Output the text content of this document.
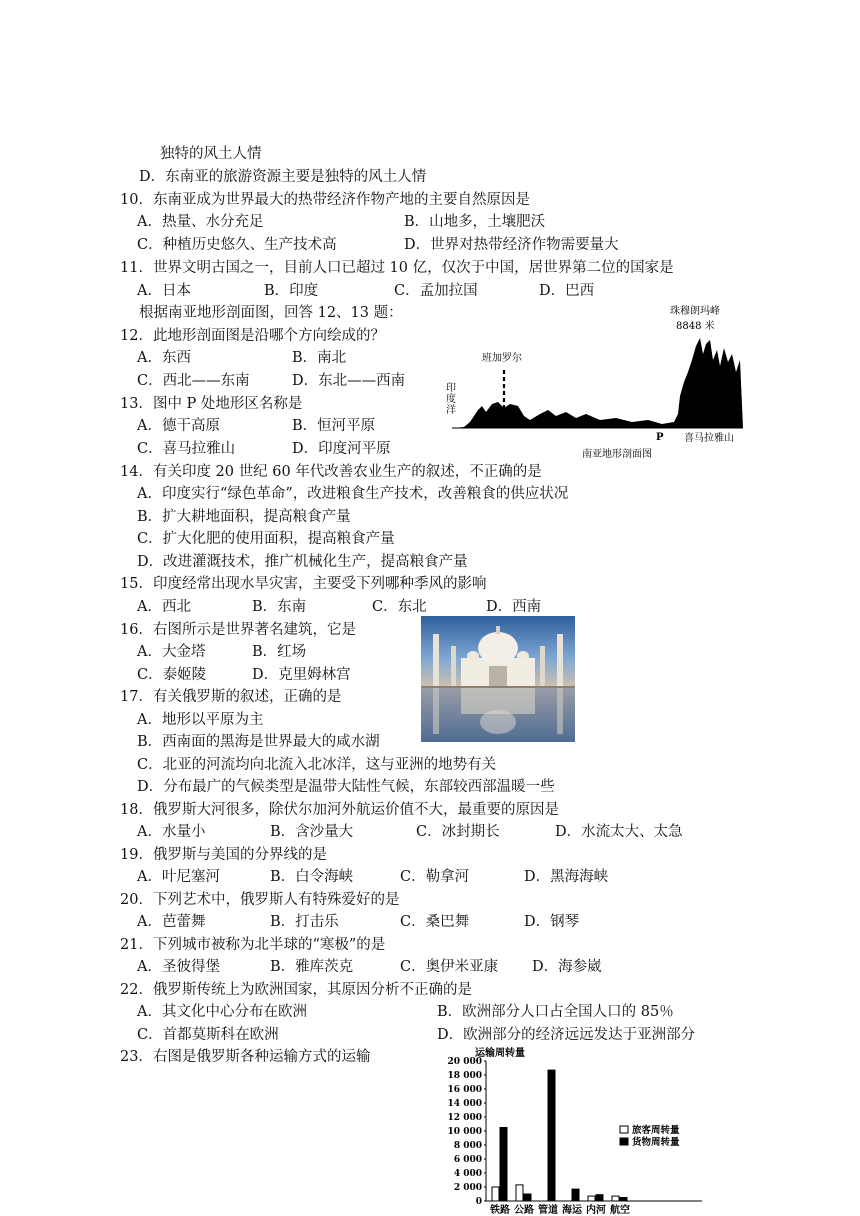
独特的风土人情
D．东南亚的旅游资源主要是独特的风土人情
10．东南亚成为世界最大的热带经济作物产地的主要自然原因是
A．热量、水分充足	B．山地多，土壤肥沃
C．种植历史悠久、生产技术高	D．世界对热带经济作物需要量大
11．世界文明古国之一，目前人口已超过 10 亿，仅次于中国，居世界第二位的国家是
A．日本	B．印度	C．孟加拉国	D．巴西
根据南亚地形剖面图，回答 12、13 题：
12．此地形剖面图是沿哪个方向绘成的？
A．东西	B．南北
C．西北——东南	D．东北——西南
13．图中 P 处地形区名称是
A．德干高原	B．恒河平原
C．喜马拉雅山	D．印度河平原
14．有关印度 20 世纪 60 年代改善农业生产的叙述，不正确的是
A．印度实行“绿色革命”，改进粮食生产技术，改善粮食的供应状况
B．扩大耕地面积，提高粮食产量
C．扩大化肥的使用面积，提高粮食产量
D．改进灌溉技术，推广机械化生产，提高粮食产量
15．印度经常出现水旱灾害，主要受下列哪种季风的影响
A．西北	B．东南	C．东北	D．西南
16．右图所示是世界著名建筑，它是
A．大金塔	B．红场
C．泰姬陵	D．克里姆林宫
17．有关俄罗斯的叙述，正确的是
A．地形以平原为主
B．西南面的黑海是世界最大的咸水湖
C．北亚的河流均向北流入北冰洋，这与亚洲的地势有关
D．分布最广的气候类型是温带大陆性气候，东部较西部温暖一些
18．俄罗斯大河很多，除伏尔加河外航运价值不大，最重要的原因是
A．水量小	B．含沙量大	C．冰封期长	D．水流太大、太急
19．俄罗斯与美国的分界线的是
A．叶尼塞河	B．白令海峡	C．勒拿河	D．黑海海峡
20．下列艺术中，俄罗斯人有特殊爱好的是
A．芭蕾舞	B．打击乐	C．桑巴舞	D．钢琴
21．下列城市被称为北半球的“寒极”的是
A．圣彼得堡	B．雅库茨克	C．奥伊米亚康 D．海参崴
22．俄罗斯传统上为欧洲国家，其原因分析不正确的是
A．其文化中心分布在欧洲	B．欧洲部分人口占全国人口的 85％
C．首都莫斯科在欧洲	D．欧洲部分的经济远远发达于亚洲部分
23．右图是俄罗斯各种运输方式的运输
珠穆朗玛峰
8848 米
班加罗尔
印
度
洋
P 喜马拉雅山
南亚地形剖面图
运输周转量
20 000
18 000
16 000
14 000
12 000
10 000
8 000
6 000
4 000
2 000
0
铁路 公路 管道 海运 内河 航空
旅客周转量
货物周转量
